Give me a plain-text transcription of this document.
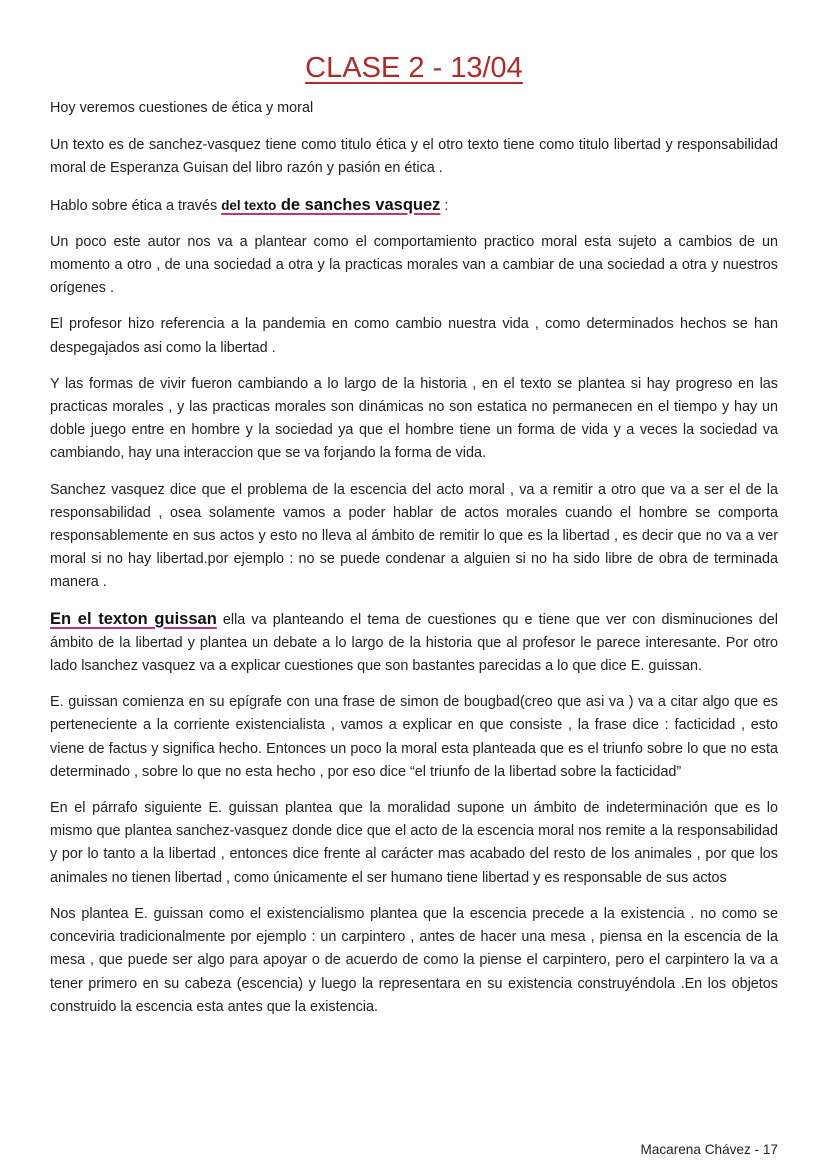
CLASE 2 - 13/04

Hoy veremos cuestiones de ética y moral

Un texto es de sanchez-vasquez tiene como titulo ética y el otro texto tiene como titulo libertad y responsabilidad moral de Esperanza Guisan del libro razón y pasión en ética .

Hablo sobre ética a través del texto de sanches vasquez :

Un poco este autor nos va a plantear como el comportamiento practico moral esta sujeto a cambios de un momento a otro , de una sociedad a otra y la practicas morales van a cambiar de una sociedad a otra y nuestros orígenes .

El profesor hizo referencia a la pandemia en como cambio nuestra vida , como determinados hechos se han despegajados asi como la libertad .

Y las formas de vivir fueron cambiando a lo largo de la historia , en el texto se plantea si hay progreso en las practicas morales , y las practicas morales son dinámicas no son estatica no permanecen en el tiempo y hay un doble juego entre en hombre y la sociedad ya que el hombre tiene un forma de vida y a veces la sociedad va cambiando, hay una interaccion que se va forjando la forma de vida.

Sanchez vasquez dice que el problema de la escencia del acto moral , va a remitir a otro que va a ser el de la responsabilidad , osea solamente vamos a poder hablar de actos morales cuando el hombre se comporta responsablemente en sus actos y esto no lleva al ámbito de remitir lo que es la libertad , es decir que no va a ver moral si no hay libertad.por ejemplo : no se puede condenar a alguien si no ha sido libre de obra de terminada manera .

En el texton guissan ella va planteando el tema de cuestiones qu e tiene que ver con disminuciones del ámbito de la libertad y plantea un debate a lo largo de la historia que al profesor le parece interesante. Por otro lado lsanchez vasquez va a explicar cuestiones que son bastantes parecidas a lo que dice E. guissan.

E. guissan comienza en su epígrafe con una frase de simon de bougbad(creo que asi va ) va a citar algo que es perteneciente a la corriente existencialista , vamos a explicar en que consiste , la frase dice : facticidad , esto viene de factus y significa hecho. Entonces un poco la moral esta planteada que es el triunfo sobre lo que no esta determinado , sobre lo que no esta hecho , por eso dice “el triunfo de la libertad sobre la facticidad”

En el párrafo siguiente E. guissan plantea que la moralidad supone un ámbito de indeterminación que es lo mismo que plantea sanchez-vasquez donde dice que el acto de la escencia moral nos remite a la responsabilidad y por lo tanto a la libertad , entonces dice frente al carácter mas acabado del resto de los animales , por que los animales no tienen libertad , como únicamente el ser humano tiene libertad y es responsable de sus actos

Nos plantea E. guissan como el existencialismo plantea que la escencia precede a la existencia . no como se conceviria tradicionalmente por ejemplo : un carpintero , antes de hacer una mesa , piensa en la escencia de la mesa , que puede ser algo para apoyar o de acuerdo de como la piense el carpintero, pero el carpintero la va a tener primero en su cabeza (escencia) y luego la representara en su existencia construyéndola .En los objetos construido la escencia esta antes que la existencia.

Macarena Chávez - 17
